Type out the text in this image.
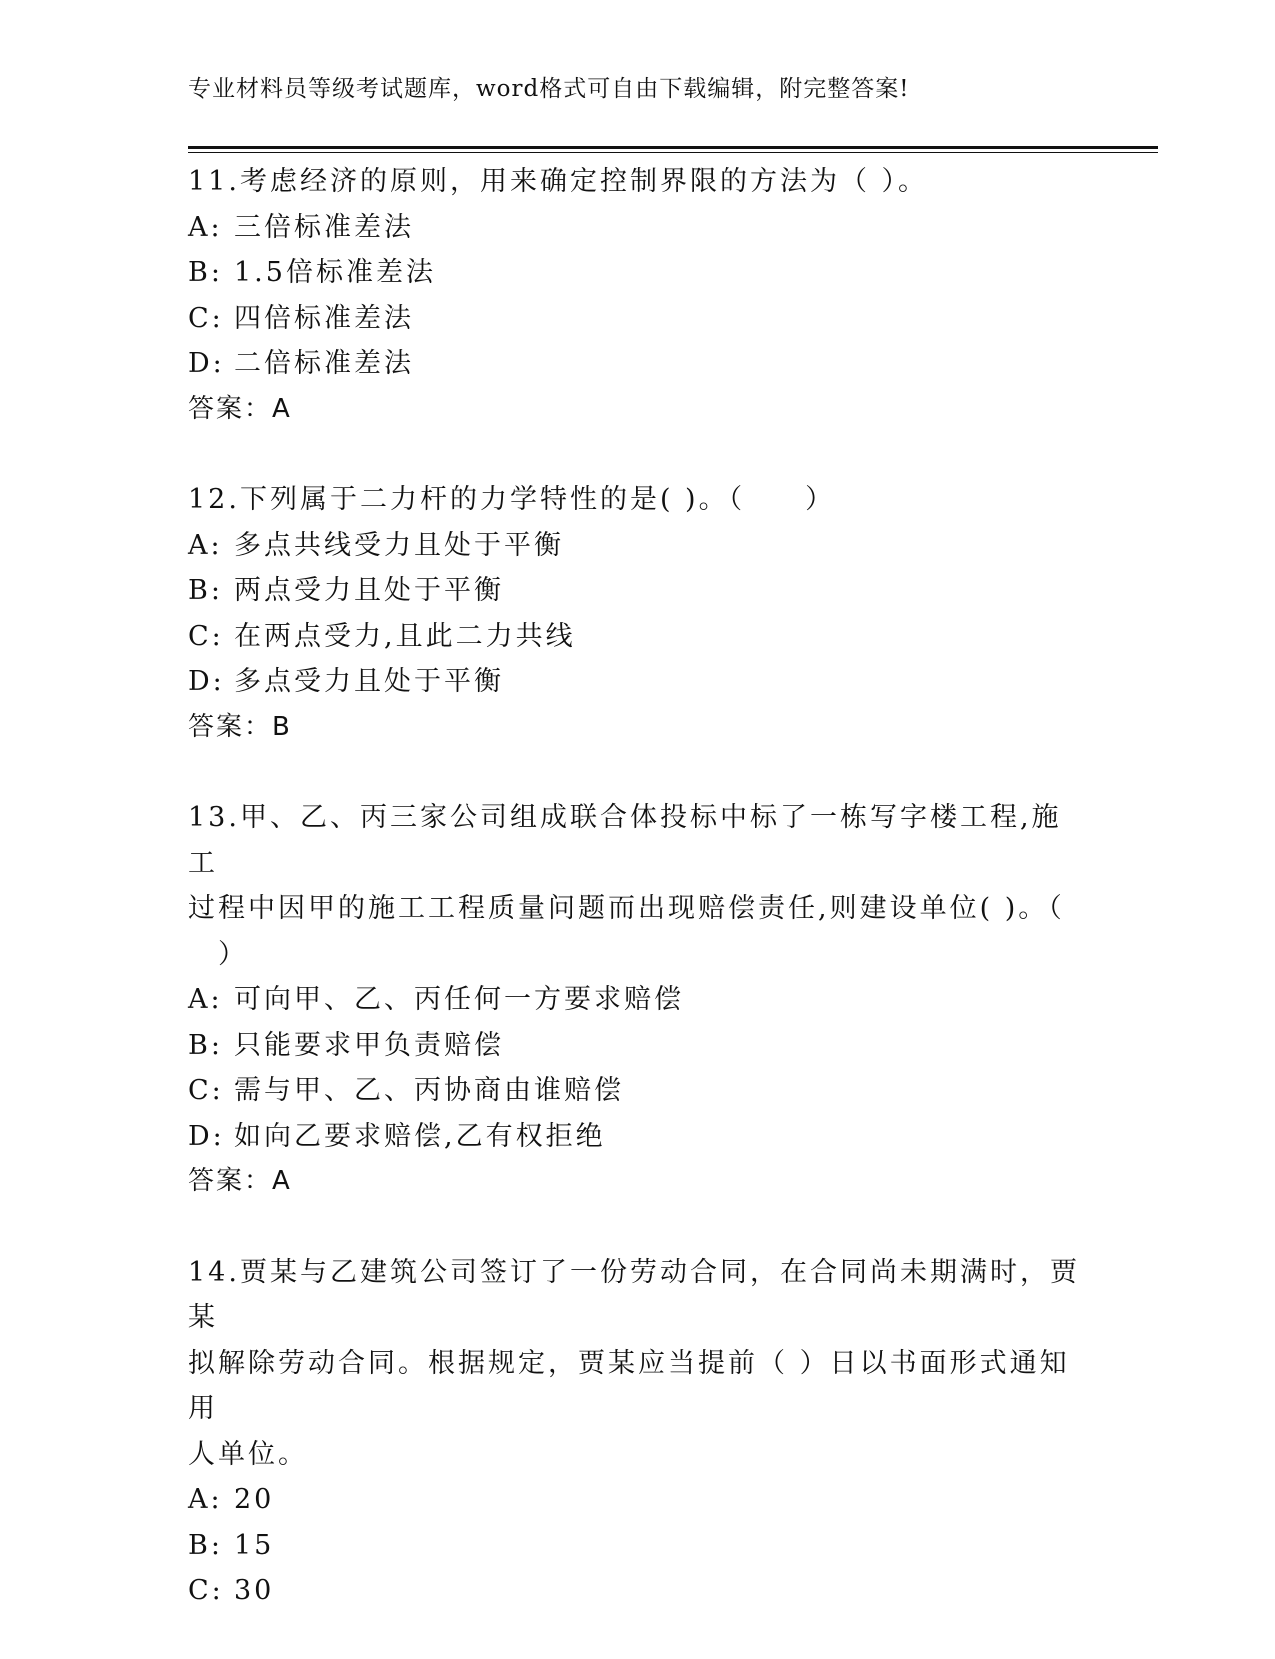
专业材料员等级考试题库，word格式可自由下载编辑，附完整答案!
11.考虑经济的原则，用来确定控制界限的方法为（ ）。
A: 三倍标准差法
B: 1.5倍标准差法
C: 四倍标准差法
D: 二倍标准差法
答案：A
12.下列属于二力杆的力学特性的是( )。（　　）
A: 多点共线受力且处于平衡
B: 两点受力且处于平衡
C: 在两点受力,且此二力共线
D: 多点受力且处于平衡
答案：B
13.甲、乙、丙三家公司组成联合体投标中标了一栋写字楼工程,施工
过程中因甲的施工工程质量问题而出现赔偿责任,则建设单位( )。（
　）
A: 可向甲、乙、丙任何一方要求赔偿
B: 只能要求甲负责赔偿
C: 需与甲、乙、丙协商由谁赔偿
D: 如向乙要求赔偿,乙有权拒绝
答案：A
14.贾某与乙建筑公司签订了一份劳动合同，在合同尚未期满时，贾某
拟解除劳动合同。根据规定，贾某应当提前（ ）日以书面形式通知用
人单位。
A: 20
B: 15
C: 30
